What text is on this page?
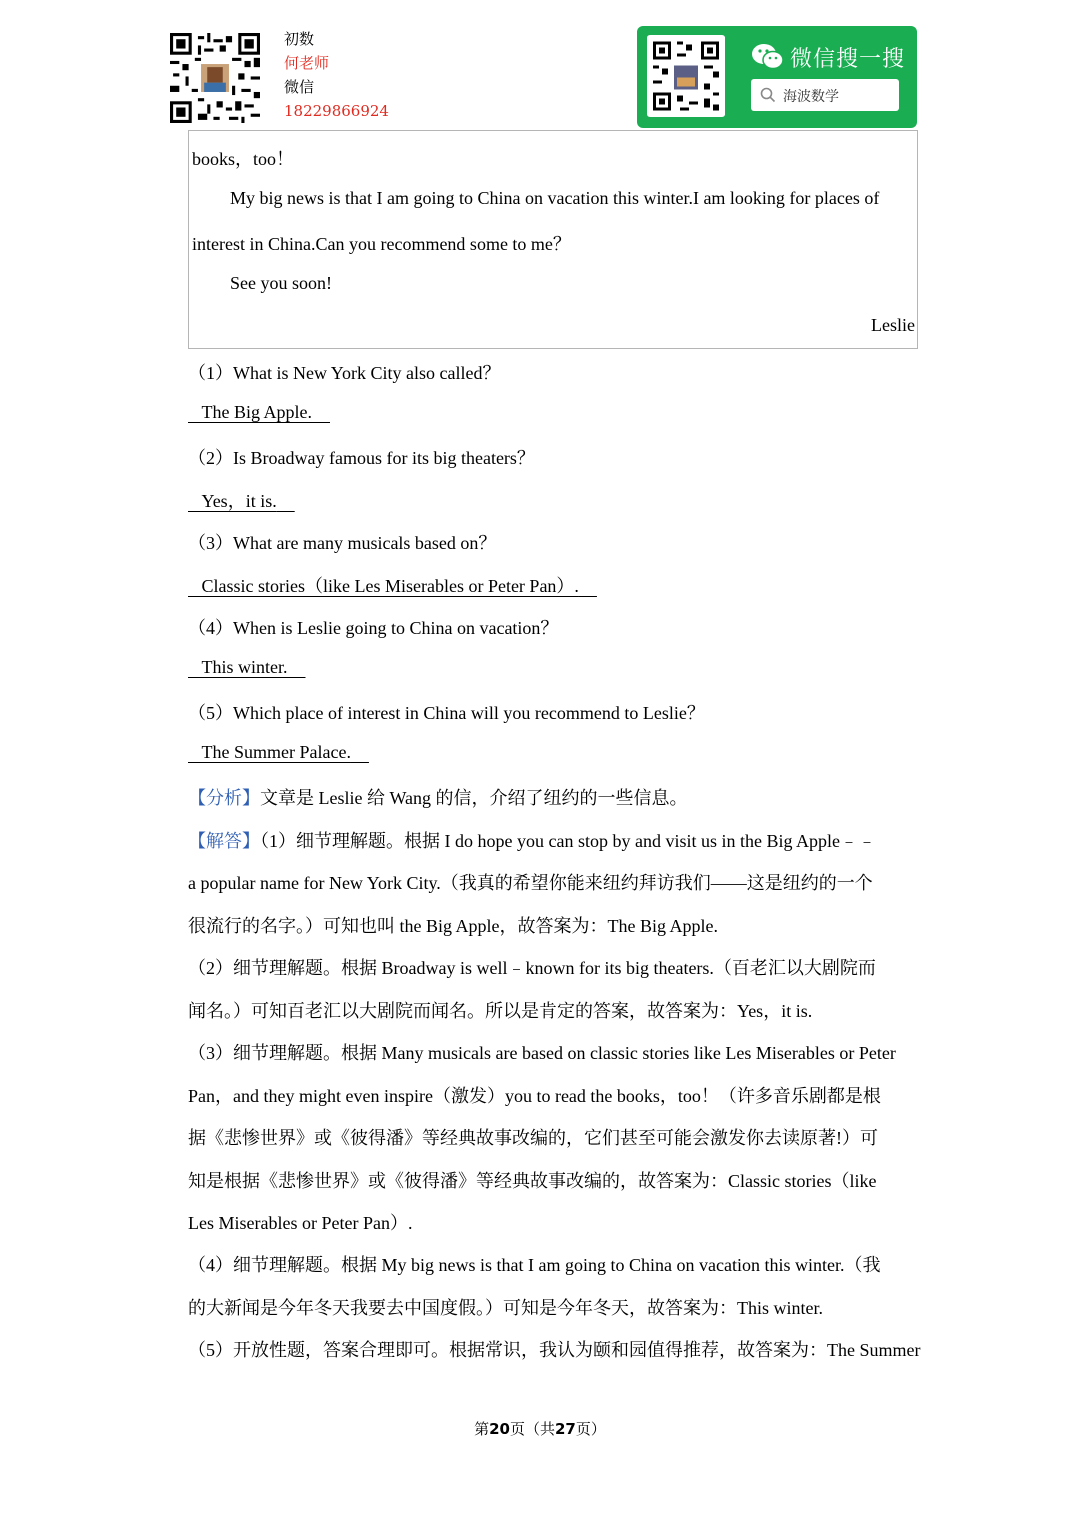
初数
何老师
微信
18229866924
微信搜一搜
海波数学
books，too！
My big news is that I am going to China on vacation this winter.I am looking for places of
interest in China.Can you recommend some to me？
See you soon!
Leslie
（1）What is New York City also called？
The Big Apple.
（2）Is Broadway famous for its big theaters？
Yes，it is.
（3）What are many musicals based on？
Classic stories（like Les Miserables or Peter Pan）.
（4）When is Leslie going to China on vacation？
This winter.
（5）Which place of interest in China will you recommend to Leslie？
The Summer Palace.
【分析】文章是 Leslie 给 Wang 的信，介绍了纽约的一些信息。
【解答】（1）细节理解题。根据 I do hope you can stop by and visit us in the Big Apple﹣﹣
a popular name for New York City.（我真的希望你能来纽约拜访我们——这是纽约的一个
很流行的名字。）可知也叫 the Big Apple，故答案为：The Big Apple.
（2）细节理解题。根据 Broadway is well﹣known for its big theaters.（百老汇以大剧院而
闻名。）可知百老汇以大剧院而闻名。所以是肯定的答案，故答案为：Yes，it is.
（3）细节理解题。根据 Many musicals are based on classic stories like Les Miserables or Peter
Pan，and they might even inspire（激发）you to read the books，too！（许多音乐剧都是根
据《悲惨世界》或《彼得潘》等经典故事改编的，它们甚至可能会激发你去读原著!）可
知是根据《悲惨世界》或《彼得潘》等经典故事改编的，故答案为：Classic stories（like
Les Miserables or Peter Pan）.
（4）细节理解题。根据 My big news is that I am going to China on vacation this winter.（我
的大新闻是今年冬天我要去中国度假。）可知是今年冬天，故答案为：This winter.
（5）开放性题，答案合理即可。根据常识，我认为颐和园值得推荐，故答案为：The Summer
第20页（共27页）
